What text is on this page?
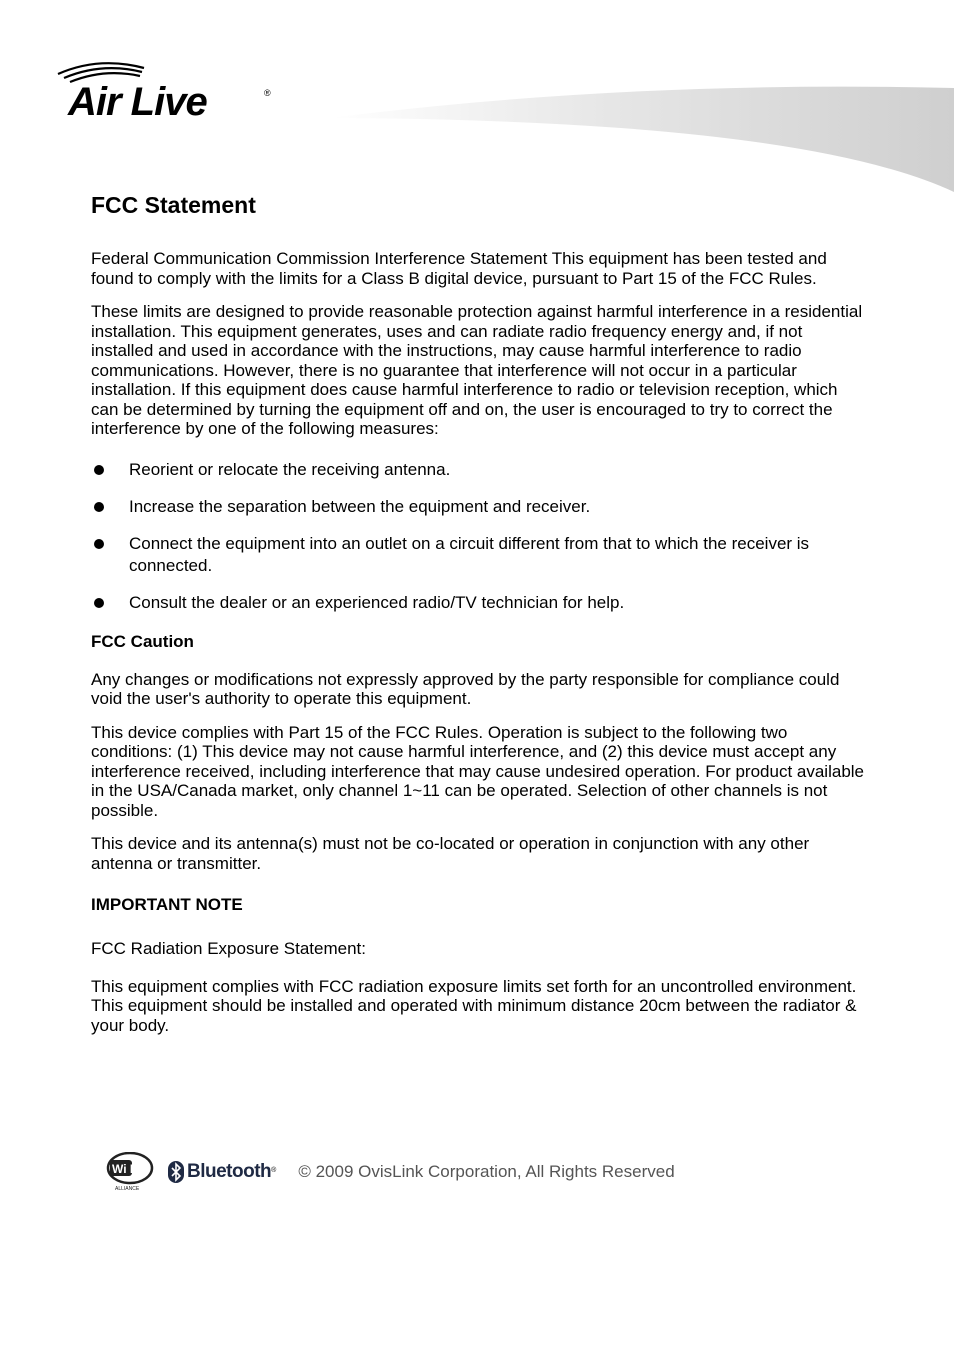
Air Live	®
FCC Statement

Federal Communication Commission Interference Statement This equipment has been tested and found to comply with the limits for a Class B digital device, pursuant to Part 15 of the FCC Rules.

These limits are designed to provide reasonable protection against harmful interference in a residential installation. This equipment generates, uses and can radiate radio frequency energy and, if not installed and used in accordance with the instructions, may cause harmful interference to radio communications. However, there is no guarantee that interference will not occur in a particular installation. If this equipment does cause harmful interference to radio or television reception, which can be determined by turning the equipment off and on, the user is encouraged to try to correct the interference by one of the following measures:

Reorient or relocate the receiving antenna.
Increase the separation between the equipment and receiver.
Connect the equipment into an outlet on a circuit different from that to which the receiver is connected.
Consult the dealer or an experienced radio/TV technician for help.
FCC Caution

Any changes or modifications not expressly approved by the party responsible for compliance could void the user's authority to operate this equipment.

This device complies with Part 15 of the FCC Rules. Operation is subject to the following two conditions: (1) This device may not cause harmful interference, and (2) this device must accept any interference received, including interference that may cause undesired operation. For product available in the USA/Canada market, only channel 1~11 can be operated. Selection of other channels is not possible.

This device and its antenna(s) must not be co-located or operation in conjunction with any other antenna or transmitter.

IMPORTANT NOTE

FCC Radiation Exposure Statement:

This equipment complies with FCC radiation exposure limits set forth for an uncontrolled environment. This equipment should be installed and operated with minimum distance 20cm between the radiator & your body.

Wi Fi
ALLIANCE
Bluetooth ® © 2009 OvisLink Corporation, All Rights Reserved
